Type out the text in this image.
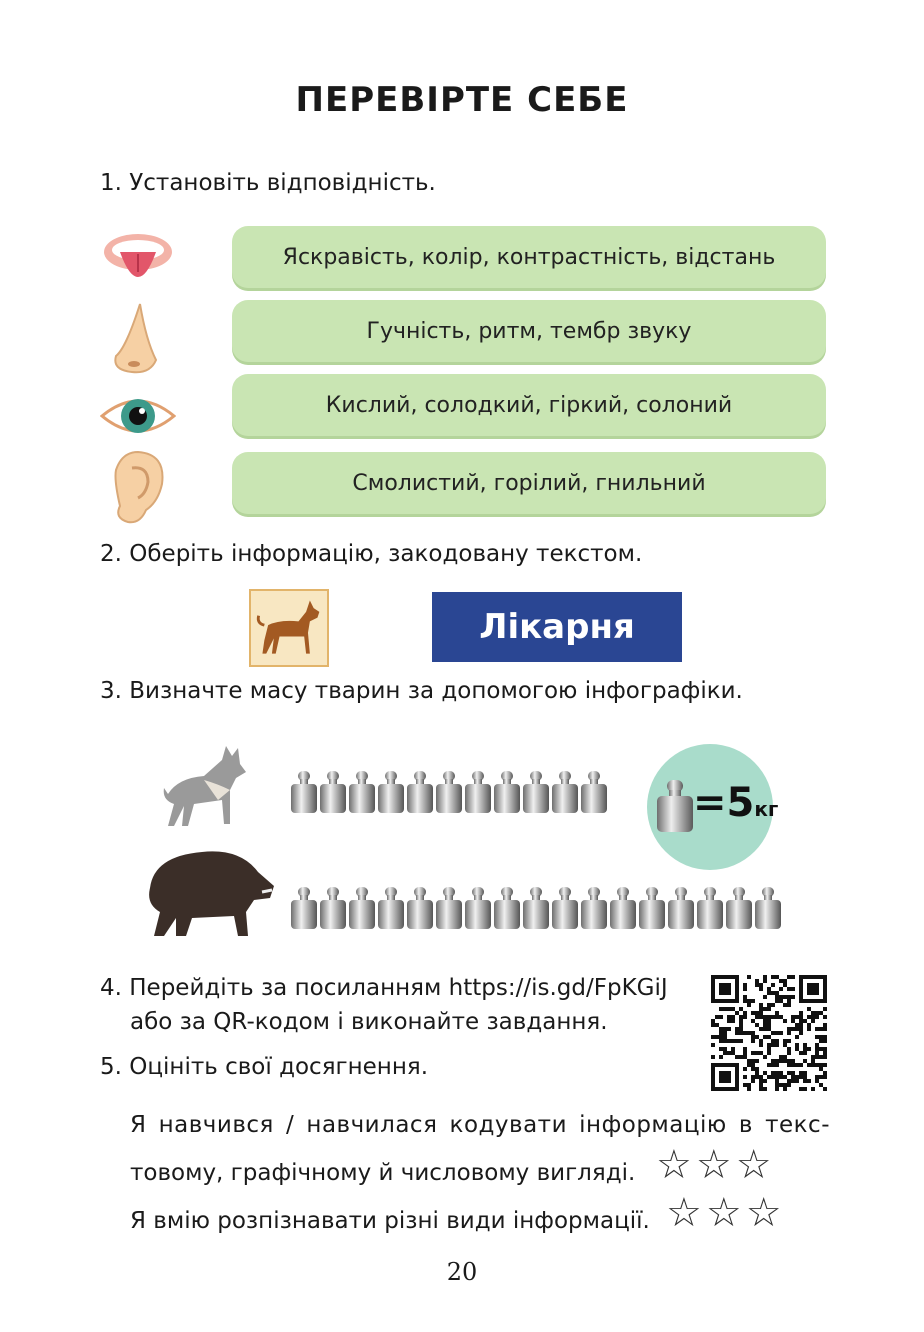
ПЕРЕВІРТЕ СЕБЕ
1. Установіть відповідність.
Яскравість, колір, контрастність, відстань
Гучність, ритм, тембр звуку
Кислий, солодкий, гіркий, солоний
Смолистий, горілий, гнильний
2. Оберіть інформацію, закодовану текстом.
Лікарня
3. Визначте масу тварин за допомогою інфографіки.
=5кг
4. Перейдіть за посиланням https://is.gd/FpKGiJ
або за QR-кодом і виконайте завдання.
5. Оцініть свої досягнення.
Я навчився / навчилася кодувати інформацію в текс-
товому, графічному й числовому вигляді. ☆☆☆
Я вмію розпізнавати різні види інформації. ☆☆☆
20
